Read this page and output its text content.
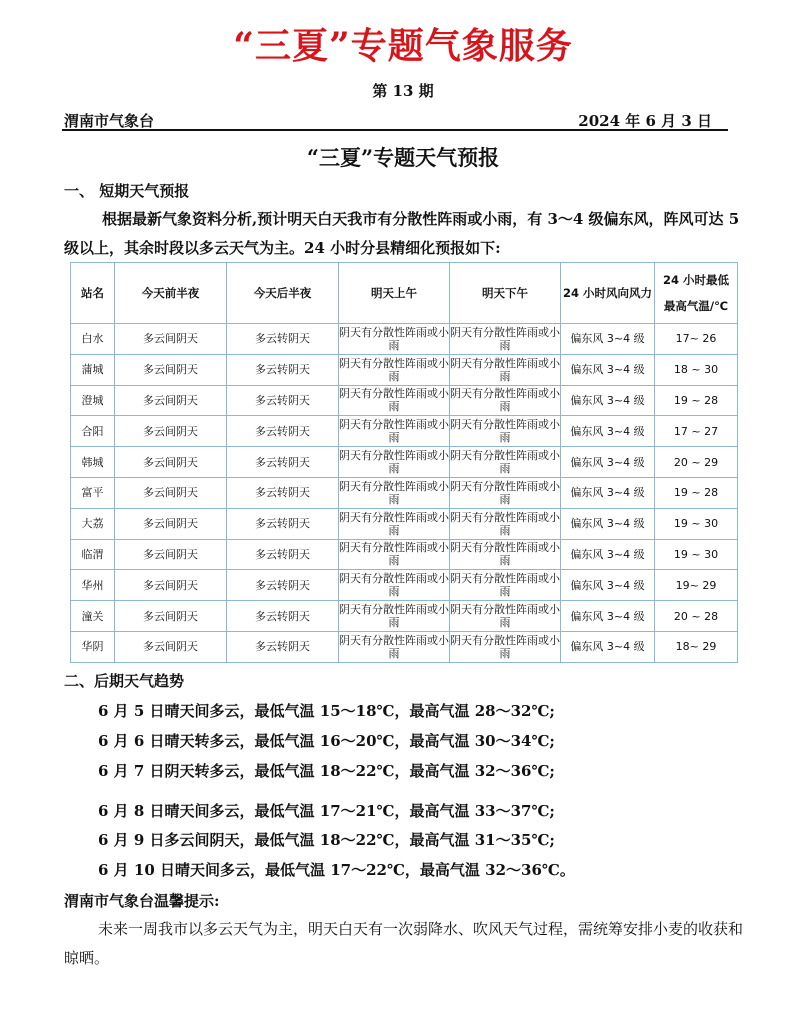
“三夏”专题气象服务
第 13 期
渭南市气象台	2024 年 6 月 3 日
“三夏”专题天气预报
一、 短期天气预报
根据最新气象资料分析,预计明天白天我市有分散性阵雨或小雨，有 3～4 级偏东风，阵风可达 5 级以上，其余时段以多云天气为主。24 小时分县精细化预报如下:
站名	今天前半夜	今天后半夜	明天上午	明天下午	24 小时风向风力	24 小时最低
最高气温/℃

白水	多云间阴天	多云转阴天	阴天有分散性阵雨或小雨	阴天有分散性阵雨或小雨	偏东风 3~4 级	17~ 26
蒲城	多云间阴天	多云转阴天	阴天有分散性阵雨或小雨	阴天有分散性阵雨或小雨	偏东风 3~4 级	18 ~ 30
澄城	多云间阴天	多云转阴天	阴天有分散性阵雨或小雨	阴天有分散性阵雨或小雨	偏东风 3~4 级	19 ~ 28
合阳	多云间阴天	多云转阴天	阴天有分散性阵雨或小雨	阴天有分散性阵雨或小雨	偏东风 3~4 级	17 ~ 27
韩城	多云间阴天	多云转阴天	阴天有分散性阵雨或小雨	阴天有分散性阵雨或小雨	偏东风 3~4 级	20 ~ 29
富平	多云间阴天	多云转阴天	阴天有分散性阵雨或小雨	阴天有分散性阵雨或小雨	偏东风 3~4 级	19 ~ 28
大荔	多云间阴天	多云转阴天	阴天有分散性阵雨或小雨	阴天有分散性阵雨或小雨	偏东风 3~4 级	19 ~ 30
临渭	多云间阴天	多云转阴天	阴天有分散性阵雨或小雨	阴天有分散性阵雨或小雨	偏东风 3~4 级	19 ~ 30
华州	多云间阴天	多云转阴天	阴天有分散性阵雨或小雨	阴天有分散性阵雨或小雨	偏东风 3~4 级	19~ 29
潼关	多云间阴天	多云转阴天	阴天有分散性阵雨或小雨	阴天有分散性阵雨或小雨	偏东风 3~4 级	20 ~ 28
华阴	多云间阴天	多云转阴天	阴天有分散性阵雨或小雨	阴天有分散性阵雨或小雨	偏东风 3~4 级	18~ 29
二、后期天气趋势
6 月 5 日晴天间多云，最低气温 15～18℃，最高气温 28～32℃;
6 月 6 日晴天转多云，最低气温 16～20℃，最高气温 30～34℃;
6 月 7 日阴天转多云，最低气温 18～22℃，最高气温 32～36℃;
6 月 8 日晴天间多云，最低气温 17～21℃，最高气温 33～37℃;
6 月 9 日多云间阴天，最低气温 18～22℃，最高气温 31～35℃;
6 月 10 日晴天间多云，最低气温 17～22℃，最高气温 32～36℃。
渭南市气象台温馨提示:
未来一周我市以多云天气为主，明天白天有一次弱降水、吹风天气过程，需统筹安排小麦的收获和晾晒。
